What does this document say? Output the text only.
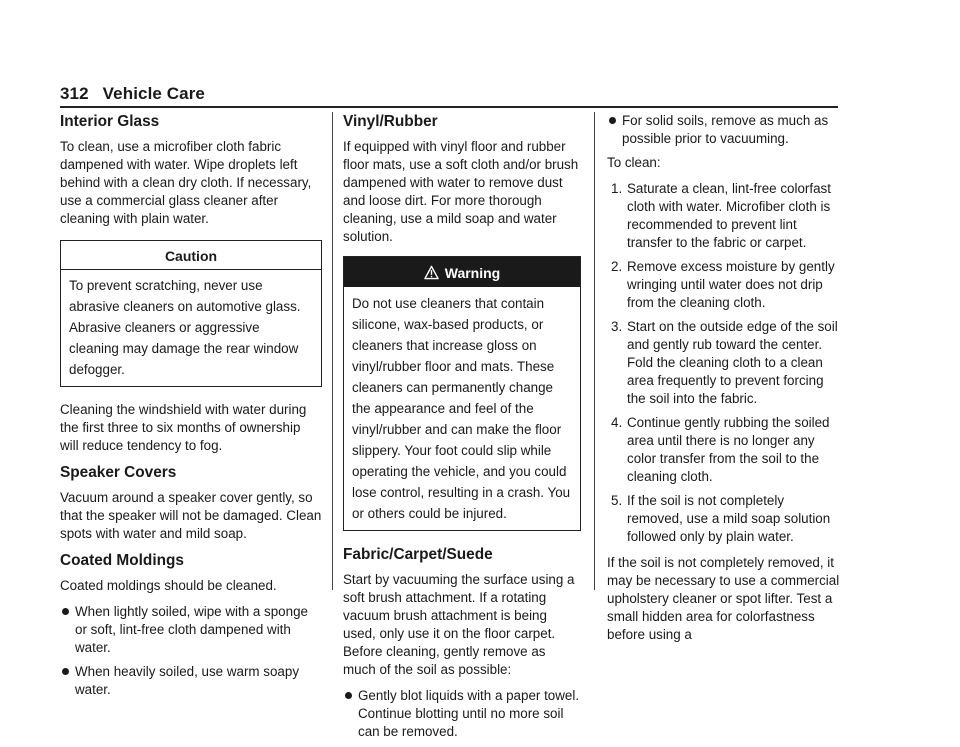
312 Vehicle Care
Interior Glass

To clean, use a microfiber cloth fabric dampened with water. Wipe droplets left behind with a clean dry cloth. If necessary, use a commercial glass cleaner after cleaning with plain water.

Caution
To prevent scratching, never use abrasive cleaners on automotive glass. Abrasive cleaners or aggressive cleaning may damage the rear window defogger.

Cleaning the windshield with water during the first three to six months of ownership will reduce tendency to fog.

Speaker Covers

Vacuum around a speaker cover gently, so that the speaker will not be damaged. Clean spots with water and mild soap.

Coated Moldings

Coated moldings should be cleaned.

When lightly soiled, wipe with a sponge or soft, lint-free cloth dampened with water.
When heavily soiled, use warm soapy water.
Vinyl/Rubber

If equipped with vinyl floor and rubber floor mats, use a soft cloth and/or brush dampened with water to remove dust and loose dirt. For more thorough cleaning, use a mild soap and water solution.

Warning
Do not use cleaners that contain silicone, wax-based products, or cleaners that increase gloss on vinyl/rubber floor and mats. These cleaners can permanently change the appearance and feel of the vinyl/rubber and can make the floor slippery. Your foot could slip while operating the vehicle, and you could lose control, resulting in a crash. You or others could be injured.
Fabric/Carpet/Suede

Start by vacuuming the surface using a soft brush attachment. If a rotating vacuum brush attachment is being used, only use it on the floor carpet. Before cleaning, gently remove as much of the soil as possible:

Gently blot liquids with a paper towel. Continue blotting until no more soil can be removed.
For solid soils, remove as much as possible prior to vacuuming.

To clean:

1. Saturate a clean, lint-free colorfast cloth with water. Microfiber cloth is recommended to prevent lint transfer to the fabric or carpet.
2. Remove excess moisture by gently wringing until water does not drip from the cleaning cloth.
3. Start on the outside edge of the soil and gently rub toward the center. Fold the cleaning cloth to a clean area frequently to prevent forcing the soil into the fabric.
4. Continue gently rubbing the soiled area until there is no longer any color transfer from the soil to the cleaning cloth.
5. If the soil is not completely removed, use a mild soap solution followed only by plain water.

If the soil is not completely removed, it may be necessary to use a commercial upholstery cleaner or spot lifter. Test a small hidden area for colorfastness before using a
